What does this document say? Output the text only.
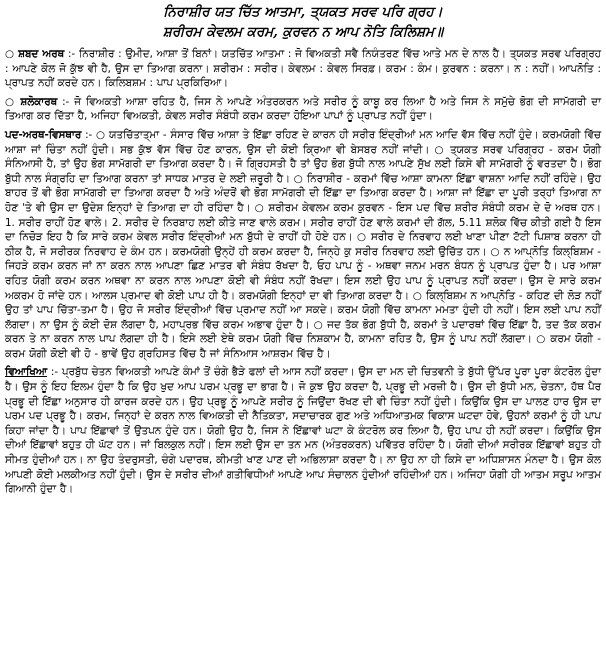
ਨਿਰਾਸ਼ੀਰ ਯਤ ਚਿੱਤ ਆਤਮਾ, ਤ੍ਯਕਤ ਸਰਵ ਪਰਿ ਗ੍ਰਹ।

ਸ਼ਰੀਰਮ ਕੇਵਲਮ ਕਰਮ, ਕੁਰਵਨ ਨ ਆਪ ਨੋਤਿ ਕਿਲਿਸ਼ਮ॥

○ ਸ਼ਬਦ ਅਰਥ :- ਨਿਰਾਸ਼ੀਰ : ਉਮੀਦ, ਆਸ਼ਾ ਤੋਂ ਬਿਨਾਂ। ਯਤਚਿੱਤ ਆਤਮਾ : ਜੋ ਵਿਅਕਤੀ ਸਵੈ ਨਿਯੰਤਰਣ ਵਿੱਚ ਆਤੇ ਮਨ ਦੇ ਨਾਲ ਹੈ। ਤ੍ਯਕਤ ਸਰਵ ਪਰਿਗ੍ਰਹ : ਆਪਣੇ ਕੋਲ ਜੋ ਕੁੱਝ ਵੀ ਹੈ, ਉਸ ਦਾ ਤਿਆਗ ਕਰਨਾ। ਸ਼ਰੀਰਮ : ਸਰੀਰ। ਕੇਵਲਮ : ਕੇਵਲ ਸਿਰਫ਼। ਕਰਮ : ਕੰਮ। ਕੁਰਵਨ : ਕਰਨਾ। ਨ : ਨਹੀਂ। ਆਪਨੋਤਿ : ਪ੍ਰਾਪਤ ਨਹੀਂ ਕਰਦੇ ਹਨ। ਕਿਲਿਬਸ਼ਮ : ਪਾਪ ਪ੍ਰਕਿਰਿਆ।

○ ਸ਼ਲੋਕਾਰਥ :- ਜੋ ਵਿਅਕਤੀ ਆਸ਼ਾ ਰਹਿਤ ਹੈ, ਜਿਸ ਨੇ ਆਪਣੇ ਅੰਤਰਕਰਨ ਅਤੇ ਸਰੀਰ ਨੂੰ ਕਾਬੂ ਕਰ ਲਿਆ ਹੈ ਅਤੇ ਜਿਸ ਨੇ ਸਮੁੱਚੇ ਭੋਗ ਦੀ ਸਾਮੱਗਰੀ ਦਾ ਤਿਆਗ ਕਰ ਦਿੱਤਾ ਹੈ, ਅਜਿਹਾ ਵਿਅਕਤੀ, ਕੇਵਲ ਸਰੀਰ ਸੰਬੰਧੀ ਕਰਮ ਕਰਦਾ ਹੋਇਆ ਪਾਪਾਂ ਨੂੰ ਪ੍ਰਾਪਤ ਨਹੀਂ ਹੁੰਦਾ।

ਪਦ-ਅਰਥ-ਵਿਸਥਾਰ :- ○ ਯਤਚਿੱਤਾਤ੍ਮਾ - ਸੰਸਾਰ ਵਿੱਚ ਆਸ਼ਾ ਤੇ ਇੱਛਾ ਰਹਿਣ ਦੇ ਕਾਰਨ ਹੀ ਸਰੀਰ ਇੰਦ੍ਰੀਆਂ ਮਨ ਆਦਿ ਵੱਸ ਵਿੱਚ ਨਹੀਂ ਹੁੰਦੇ। ਕਰਮਯੋਗੀ ਵਿੱਚ ਆਸ਼ਾ ਜਾਂ ਚਿੰਤਾ ਨਹੀਂ ਹੁੰਦੀ। ਸਭ ਕੁੱਝ ਵੱਸ ਵਿੱਚ ਹੋਣ ਕਾਰਨ, ਉਸ ਦੀ ਕੋਈ ਕ੍ਰਿਆ ਵੀ ਬੇਸਬਰ ਨਹੀਂ ਜਾਂਦੀ। ○ ਤ੍ਯਕਤ ਸਰਵ ਪਰਿਗ੍ਰਹ - ਕਰਮ ਯੋਗੀ ਸੰਨਿਆਸੀ ਹੈ, ਤਾਂ ਉਹ ਭੋਗ ਸਾਮੱਗਰੀ ਦਾ ਤਿਆਗ ਕਰਦਾ ਹੈ। ਜੋ ਗ੍ਰਿਹਸਤੀ ਹੈ ਤਾਂ ਉਹ ਭੋਗ ਬੁੱਧੀ ਨਾਲ ਆਪਣੇ ਸੁੱਖ ਲਈ ਕਿਸੇ ਵੀ ਸਾਮੱਗਰੀ ਨੂੰ ਵਰਤਦਾ ਹੈ। ਭੋਗ ਬੁੱਧੀ ਨਾਲ ਸੰਗ੍ਰਹਿ ਦਾ ਤਿਆਗ ਕਰਨਾ ਤਾਂ ਸਾਧਕ ਮਾਤਰ ਦੇ ਲਈ ਜ਼ਰੂਰੀ ਹੈ। ○ ਨਿਰਾਸ਼ੀਰ - ਕਰਮਾਂ ਵਿੱਚ ਆਸ਼ਾ ਕਾਮਨਾ ਇੱਛਾ ਵਾਸ਼ਨਾ ਆਦਿ ਨਹੀਂ ਰਹਿੰਦੇ। ਉਹ ਬਾਹਰ ਤੋਂ ਵੀ ਭੋਗ ਸਾਮੱਗਰੀ ਦਾ ਤਿਆਗ ਕਰਦਾ ਹੈ ਅਤੇ ਅੰਦਰੋਂ ਵੀ ਭੋਗ ਸਾਮੱਗਰੀ ਦੀ ਇੱਛਾ ਦਾ ਤਿਆਗ ਕਰਦਾ ਹੈ। ਆਸ਼ਾ ਜਾਂ ਇੱਛਾ ਦਾ ਪੂਰੀ ਤਰ੍ਹਾਂ ਤਿਆਗ ਨਾ ਹੋਣ 'ਤੇ ਵੀ ਉਸ ਦਾ ਉਦੇਸ਼ ਇਨ੍ਹਾਂ ਦੇ ਤਿਆਗ ਦਾ ਹੀ ਰਹਿੰਦਾ ਹੈ। ○ ਸ਼ਰੀਰਮ ਕੇਵਲਮ ਕਰਮ ਕੁਰਵਨ - ਇਸ ਪਦ ਵਿੱਚ ਸ਼ਰੀਰ ਸੰਬੰਧੀ ਕਰਮ ਦੇ ਦੋ ਅਰਥ ਹਨ। 1. ਸਰੀਰ ਰਾਹੀਂ ਹੋਣ ਵਾਲੇ। 2. ਸਰੀਰ ਦੇ ਨਿਰਬਾਹ ਲਈ ਕੀਤੇ ਜਾਣ ਵਾਲੇ ਕਰਮ। ਸਰੀਰ ਰਾਹੀਂ ਹੋਣ ਵਾਲੇ ਕਰਮਾਂ ਦੀ ਗੱਲ, 5.11 ਸ਼ਲੋਕ ਵਿੱਚ ਕੀਤੀ ਗਈ ਹੈ ਇਸ ਦਾ ਨਿਚੋੜ ਇਹ ਹੈ ਕਿ ਸਾਰੇ ਕਰਮ ਕੇਵਲ ਸਰੀਰ ਇੰਦ੍ਰੀਆਂ ਮਨ ਬੁੱਧੀ ਦੇ ਰਾਹੀਂ ਹੀ ਹੋਏ ਹਨ। ○ ਸਰੀਰ ਦੇ ਨਿਰਵਾਹ ਲਈ ਖਾਣਾ ਪੀਣਾ ਟੱਟੀ ਪਿਸ਼ਾਬ ਕਰਨਾ ਹੀ ਠੀਕ ਹੈ, ਜੋ ਸਰੀਰਕ ਨਿਰਵਾਹ ਦੇ ਕੰਮ ਹਨ। ਕਰਮਯੋਗੀ ਉਨ੍ਹੇਂ ਹੀ ਕਰਮ ਕਰਦਾ ਹੈ, ਜਿਨ੍ਹੇ ਕੁ ਸਰੀਰ ਨਿਰਵਾਹ ਲਈ ਉਚਿੱਤ ਹਨ। ○ ਨ ਆਪ੍ਨੋਤਿ ਕਿਲ੍ਬਿਸ਼ਮ - ਜਿਹੜੇ ਕਰਮ ਕਰਨ ਜਾਂ ਨਾ ਕਰਨ ਨਾਲ ਆਪਣਾ ਛਿਣ ਮਾਤਰ ਵੀ ਸੰਬੰਧ ਰੱਖਦਾ ਹੈ, ਓਹ ਪਾਪ ਨੂੰ - ਅਥਵਾ ਜਨਮ ਮਰਨ ਬੰਧਨ ਨੂੰ ਪ੍ਰਾਪਤ ਹੁੰਦਾ ਹੈ। ਪਰ ਆਸ਼ਾ ਰਹਿਤ ਯੋਗੀ ਕਰਮ ਕਰਨ ਅਥਵਾ ਨਾ ਕਰਨ ਨਾਲ ਆਪਣਾ ਕੋਈ ਵੀ ਸੰਬੰਧ ਨਹੀਂ ਰੱਖਦਾ। ਇਸ ਲਈ ਉਹ ਪਾਪ ਨੂੰ ਪ੍ਰਾਪਤ ਨਹੀਂ ਕਰਦਾ। ਉਸ ਦੇ ਸਾਰੇ ਕਰਮ ਅਕਰਮ ਹੋ ਜਾਂਦੇ ਹਨ। ਆਲਸ ਪ੍ਰਮਾਦ ਵੀ ਕੋਈ ਪਾਪ ਹੀ ਹੈ। ਕਰਮਯੋਗੀ ਇਨ੍ਹਾਂ ਦਾ ਵੀ ਤਿਆਗ ਕਰਦਾ ਹੈ। ○ ਕਿਲ੍ਬਿਸ਼ਮ ਨ ਆਪ੍ਨੋਤਿ - ਕਹਿਣ ਦੀ ਲੋੜ ਨਹੀਂ ਉਹ ਤਾਂ ਪਾਪ ਚਿੱਤਾ-ਤਮਾ ਹੈ। ਉਹ ਜੋ ਸਰੀਰ ਇੰਦ੍ਰੀਆਂ ਵਿੱਚ ਪ੍ਰਮਾਦ ਨਹੀਂ ਆ ਸਕਦੇ। ਕਰਮ ਯੋਗੀ ਵਿੱਚ ਕਾਮਨਾ ਮਮਤਾ ਹੁੰਦੀ ਹੀ ਨਹੀਂ। ਇਸ ਲਈ ਪਾਪ ਨਹੀਂ ਲੱਗਦਾ। ਨਾ ਉਸ ਨੂੰ ਕੋਈ ਦੋਸ਼ ਲੱਗਦਾ ਹੈ, ਮਹਾਪ੍ਰਭ ਵਿੱਚ ਕਰਮ ਅਭਾਵ ਹੁੰਦਾ ਹੈ। ○ ਜਦ ਤੱਕ ਭੋਗ ਬੁੱਧੀ ਹੈ, ਕਰਮਾਂ ਤੇ ਪਦਾਰਥਾਂ ਵਿੱਚ ਇੱਛਾ ਹੈ, ਤਦ ਤੱਕ ਕਰਮ ਕਰਨ ਤੇ ਨਾ ਕਰਨ ਨਾਲ ਪਾਪ ਲੱਗਦਾ ਹੀ ਹੈ। ਇਸੇ ਲਈ ਏਥੇ ਕਰਮ ਯੋਗੀ ਵਿੱਚ ਨਿਸ਼ਕਾਮ ਹੈ, ਕਾਮਨਾ ਰਹਿਤ ਹੈ, ਉਸ ਨੂੰ ਪਾਪ ਨਹੀਂ ਲੱਗਦਾ। ○ ਕਰਮ ਯੋਗੀ - ਕਰਮ ਯੋਗੀ ਕੋਈ ਵੀ ਹੋ - ਭਾਵੇਂ ਉਹ ਗ੍ਰਹਿਸਤ ਵਿੱਚ ਹੈ ਜਾਂ ਸੰਨਿਆਸ ਆਸ਼ਰਮ ਵਿੱਚ ਹੈ।

ਵਿਆਖਿਆ :- ਪ੍ਰਬੁੱਧ ਚੇਤਨ ਵਿਅਕਤੀ ਆਪਣੇ ਕੰਮਾਂ ਤੋਂ ਚੰਗੇ ਭੈੜੇ ਫਲਾਂ ਦੀ ਆਸ ਨਹੀਂ ਕਰਦਾ। ਉਸ ਦਾ ਮਨ ਦੀ ਚਿਤਵਨੀ ਤੇ ਬੁੱਧੀ ਉੱਪਰ ਪੂਰਾ ਪੂਰਾ ਕੰਟਰੋਲ ਹੁੰਦਾ ਹੈ। ਉਸ ਨੂੰ ਇਹ ਇਲਮ ਹੁੰਦਾ ਹੈ ਕਿ ਉਹ ਖੁਦ ਆਪ ਪਰਮ ਪ੍ਰਭੂ ਦਾ ਭਾਗ ਹੈ। ਜੋ ਕੁਝ ਉਹ ਕਰਦਾ ਹੈ, ਪ੍ਰਭੂ ਦੀ ਮਰਜ਼ੀ ਹੈ। ਉਸ ਦੀ ਬੁੱਧੀ ਮਨ, ਚੇਤਨਾ, ਹੱਥ ਪੈਰ ਪ੍ਰਭੂ ਦੀ ਇੱਛਾ ਅਨੁਸਾਰ ਹੀ ਕਾਰਜ ਕਰਦੇ ਹਨ। ਉਹ ਪ੍ਰਭੂ ਨੂੰ ਆਪਣੇ ਸਰੀਰ ਨੂੰ ਜਿਉਂਦਾ ਰੱਖਣ ਦੀ ਵੀ ਚਿੰਤਾ ਨਹੀਂ ਹੁੰਦੀ। ਕਿਉਂਕਿ ਉਸ ਦਾ ਪਾਲਣ ਹਾਰ ਉਸ ਦਾ ਪਰਮ ਪਦ ਪ੍ਰਭੂ ਹੈ। ਕਰਮ, ਜਿਨ੍ਹਾਂ ਦੇ ਕਰਨ ਨਾਲ ਵਿਅਕਤੀ ਦੀ ਨੈਤਿਕਤਾ, ਸਦਾਚਾਰਕ ਗੁਣ ਅਤੇ ਅਧਿਆਤਮਕ ਵਿਕਾਸ ਘਟਦਾ ਹੋਵੇ, ਉਹਨਾਂ ਕਰਮਾਂ ਨੂੰ ਹੀ ਪਾਪ ਕਿਹਾ ਜਾਂਦਾ ਹੈ। ਪਾਪ ਇੱਛਾਵਾਂ ਤੋਂ ਉਤਪਨ ਹੁੰਦੇ ਹਨ। ਯੋਗੀ ਉਹ ਹੈ, ਜਿਸ ਨੇ ਇੱਛਾਵਾਂ ਘਟਾ ਕੇ ਕੰਟਰੋਲ ਕਰ ਲਿਆ ਹੈ, ਉਹ ਪਾਪ ਹੀ ਨਹੀਂ ਕਰਦਾ। ਕਿਉਂਕਿ ਉਸ ਦੀਆਂ ਇੱਛਾਵਾਂ ਬਹੁਤ ਹੀ ਘੱਟ ਹਨ। ਜਾਂ ਬਿਲਕੁਲ ਨਹੀਂ। ਇਸ ਲਈ ਉਸ ਦਾ ਤਨ ਮਨ (ਅੰਤਰਕਰਨ) ਪਵਿੱਤਰ ਰਹਿੰਦਾ ਹੈ। ਯੋਗੀ ਦੀਆਂ ਸਰੀਰਕ ਇੱਛਾਵਾਂ ਬਹੁਤ ਹੀ ਸੀਮਤ ਹੁੰਦੀਆਂ ਹਨ। ਨਾ ਉਹ ਤੰਦਰੁਸਤੀ, ਚੰਗੇ ਪਦਾਰਥ, ਕੀਮਤੀ ਖਾਣ ਪਾਣ ਦੀ ਅਭਿਲਾਸ਼ਾ ਕਰਦਾ ਹੈ। ਨਾ ਉਹ ਨਾ ਹੀ ਕਿਸੇ ਦਾ ਅਧਿਸ਼ਾਸਨ ਮੰਨਦਾ ਹੈ। ਉਸ ਕੋਲ ਆਪਣੀ ਕੋਈ ਮਲਕੀਅਤ ਨਹੀਂ ਹੁੰਦੀ। ਉਸ ਦੇ ਸਰੀਰ ਦੀਆਂ ਗਤੀਵਿਧੀਆਂ ਆਪਣੇ ਆਪ ਸੰਚਾਲਨ ਹੁੰਦੀਆਂ ਰਹਿੰਦੀਆਂ ਹਨ। ਅਜਿਹਾ ਯੋਗੀ ਹੀ ਆਤਮ ਸਰੂਪ ਆਤਮ ਗਿਆਨੀ ਹੁੰਦਾ ਹੈ।
